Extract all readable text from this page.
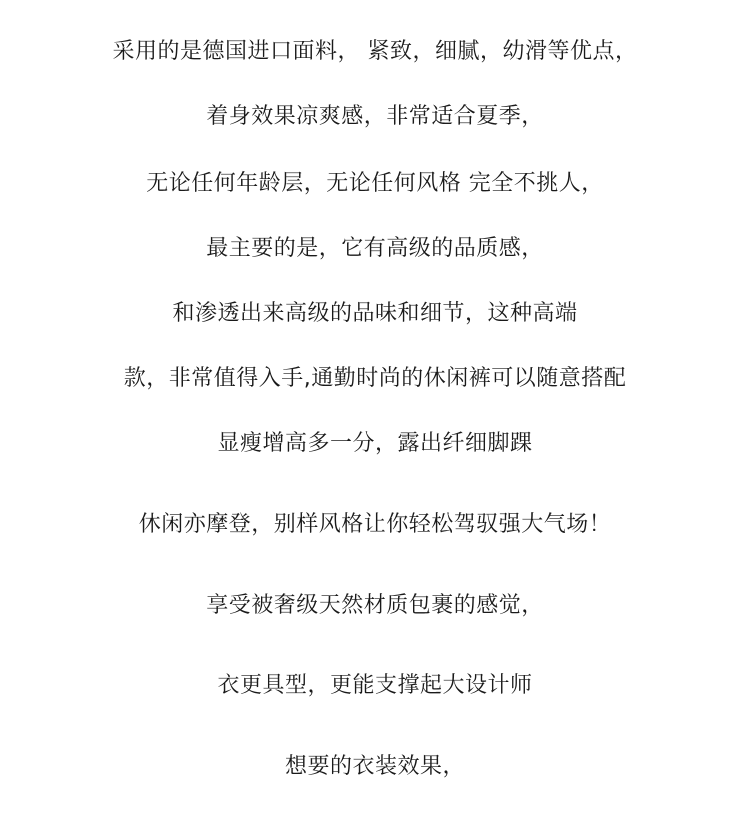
采用的是德国进口面料， 紧致，细腻，幼滑等优点，
着身效果凉爽感，非常适合夏季，
无论任何年龄层，无论任何风格 完全不挑人，
最主要的是，它有高级的品质感，
和渗透出来高级的品味和细节，这种高端
款，非常值得入手,通勤时尚的休闲裤可以随意搭配
显瘦增高多一分，露出纤细脚踝
休闲亦摩登，别样风格让你轻松驾驭强大气场！
享受被奢级天然材质包裹的感觉，
衣更具型，更能支撑起大设计师
想要的衣装效果，
